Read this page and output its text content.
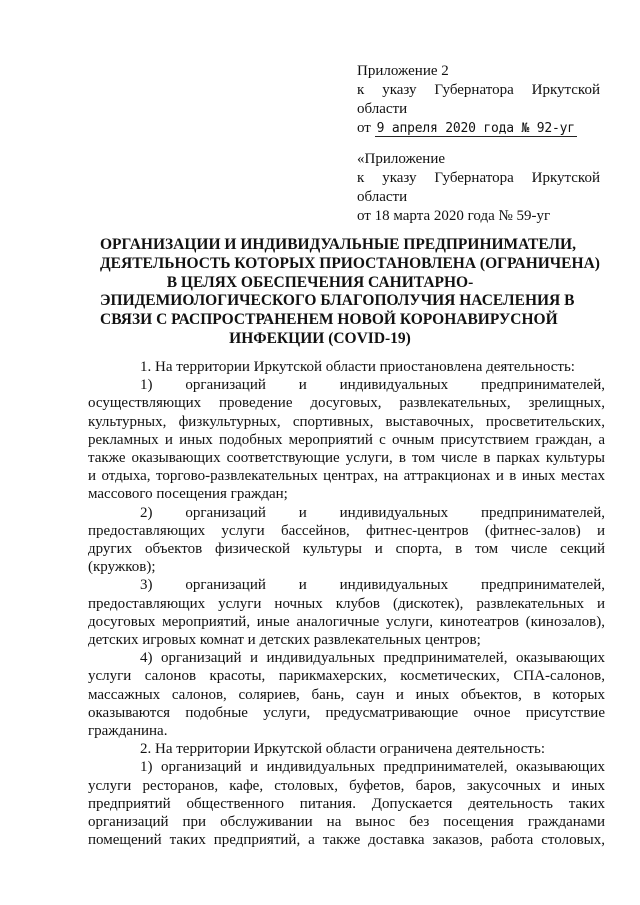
Приложение 2
к указу Губернатора Иркутской
области
от 9 апреля 2020 года № 92-уг
«Приложение
к указу Губернатора Иркутской
области
от 18 марта 2020 года № 59-уг
ОРГАНИЗАЦИИ И ИНДИВИДУАЛЬНЫЕ ПРЕДПРИНИМАТЕЛИ,
ДЕЯТЕЛЬНОСТЬ КОТОРЫХ ПРИОСТАНОВЛЕНА (ОГРАНИЧЕНА)
В ЦЕЛЯХ ОБЕСПЕЧЕНИЯ САНИТАРНО-
ЭПИДЕМИОЛОГИЧЕСКОГО БЛАГОПОЛУЧИЯ НАСЕЛЕНИЯ В
СВЯЗИ С РАСПРОСТРАНЕНЕМ НОВОЙ КОРОНАВИРУСНОЙ
ИНФЕКЦИИ (COVID-19)
1. На территории Иркутской области приостановлена деятельность:
1) организаций и индивидуальных предпринимателей,
осуществляющих проведение досуговых, развлекательных, зрелищных,
культурных, физкультурных, спортивных, выставочных, просветительских,
рекламных и иных подобных мероприятий с очным присутствием граждан, а
также оказывающих соответствующие услуги, в том числе в парках культуры
и отдыха, торгово-развлекательных центрах, на аттракционах и в иных местах
массового посещения граждан;
2) организаций и индивидуальных предпринимателей,
предоставляющих услуги бассейнов, фитнес-центров (фитнес-залов) и
других объектов физической культуры и спорта, в том числе секций
(кружков);
3) организаций и индивидуальных предпринимателей,
предоставляющих услуги ночных клубов (дискотек), развлекательных и
досуговых мероприятий, иные аналогичные услуги, кинотеатров (кинозалов),
детских игровых комнат и детских развлекательных центров;
4) организаций и индивидуальных предпринимателей, оказывающих
услуги салонов красоты, парикмахерских, косметических, СПА-салонов,
массажных салонов, соляриев, бань, саун и иных объектов, в которых
оказываются подобные услуги, предусматривающие очное присутствие
гражданина.
2. На территории Иркутской области ограничена деятельность:
1) организаций и индивидуальных предпринимателей, оказывающих
услуги ресторанов, кафе, столовых, буфетов, баров, закусочных и иных
предприятий общественного питания. Допускается деятельность таких
организаций при обслуживании на вынос без посещения гражданами
помещений таких предприятий, а также доставка заказов, работа столовых,
